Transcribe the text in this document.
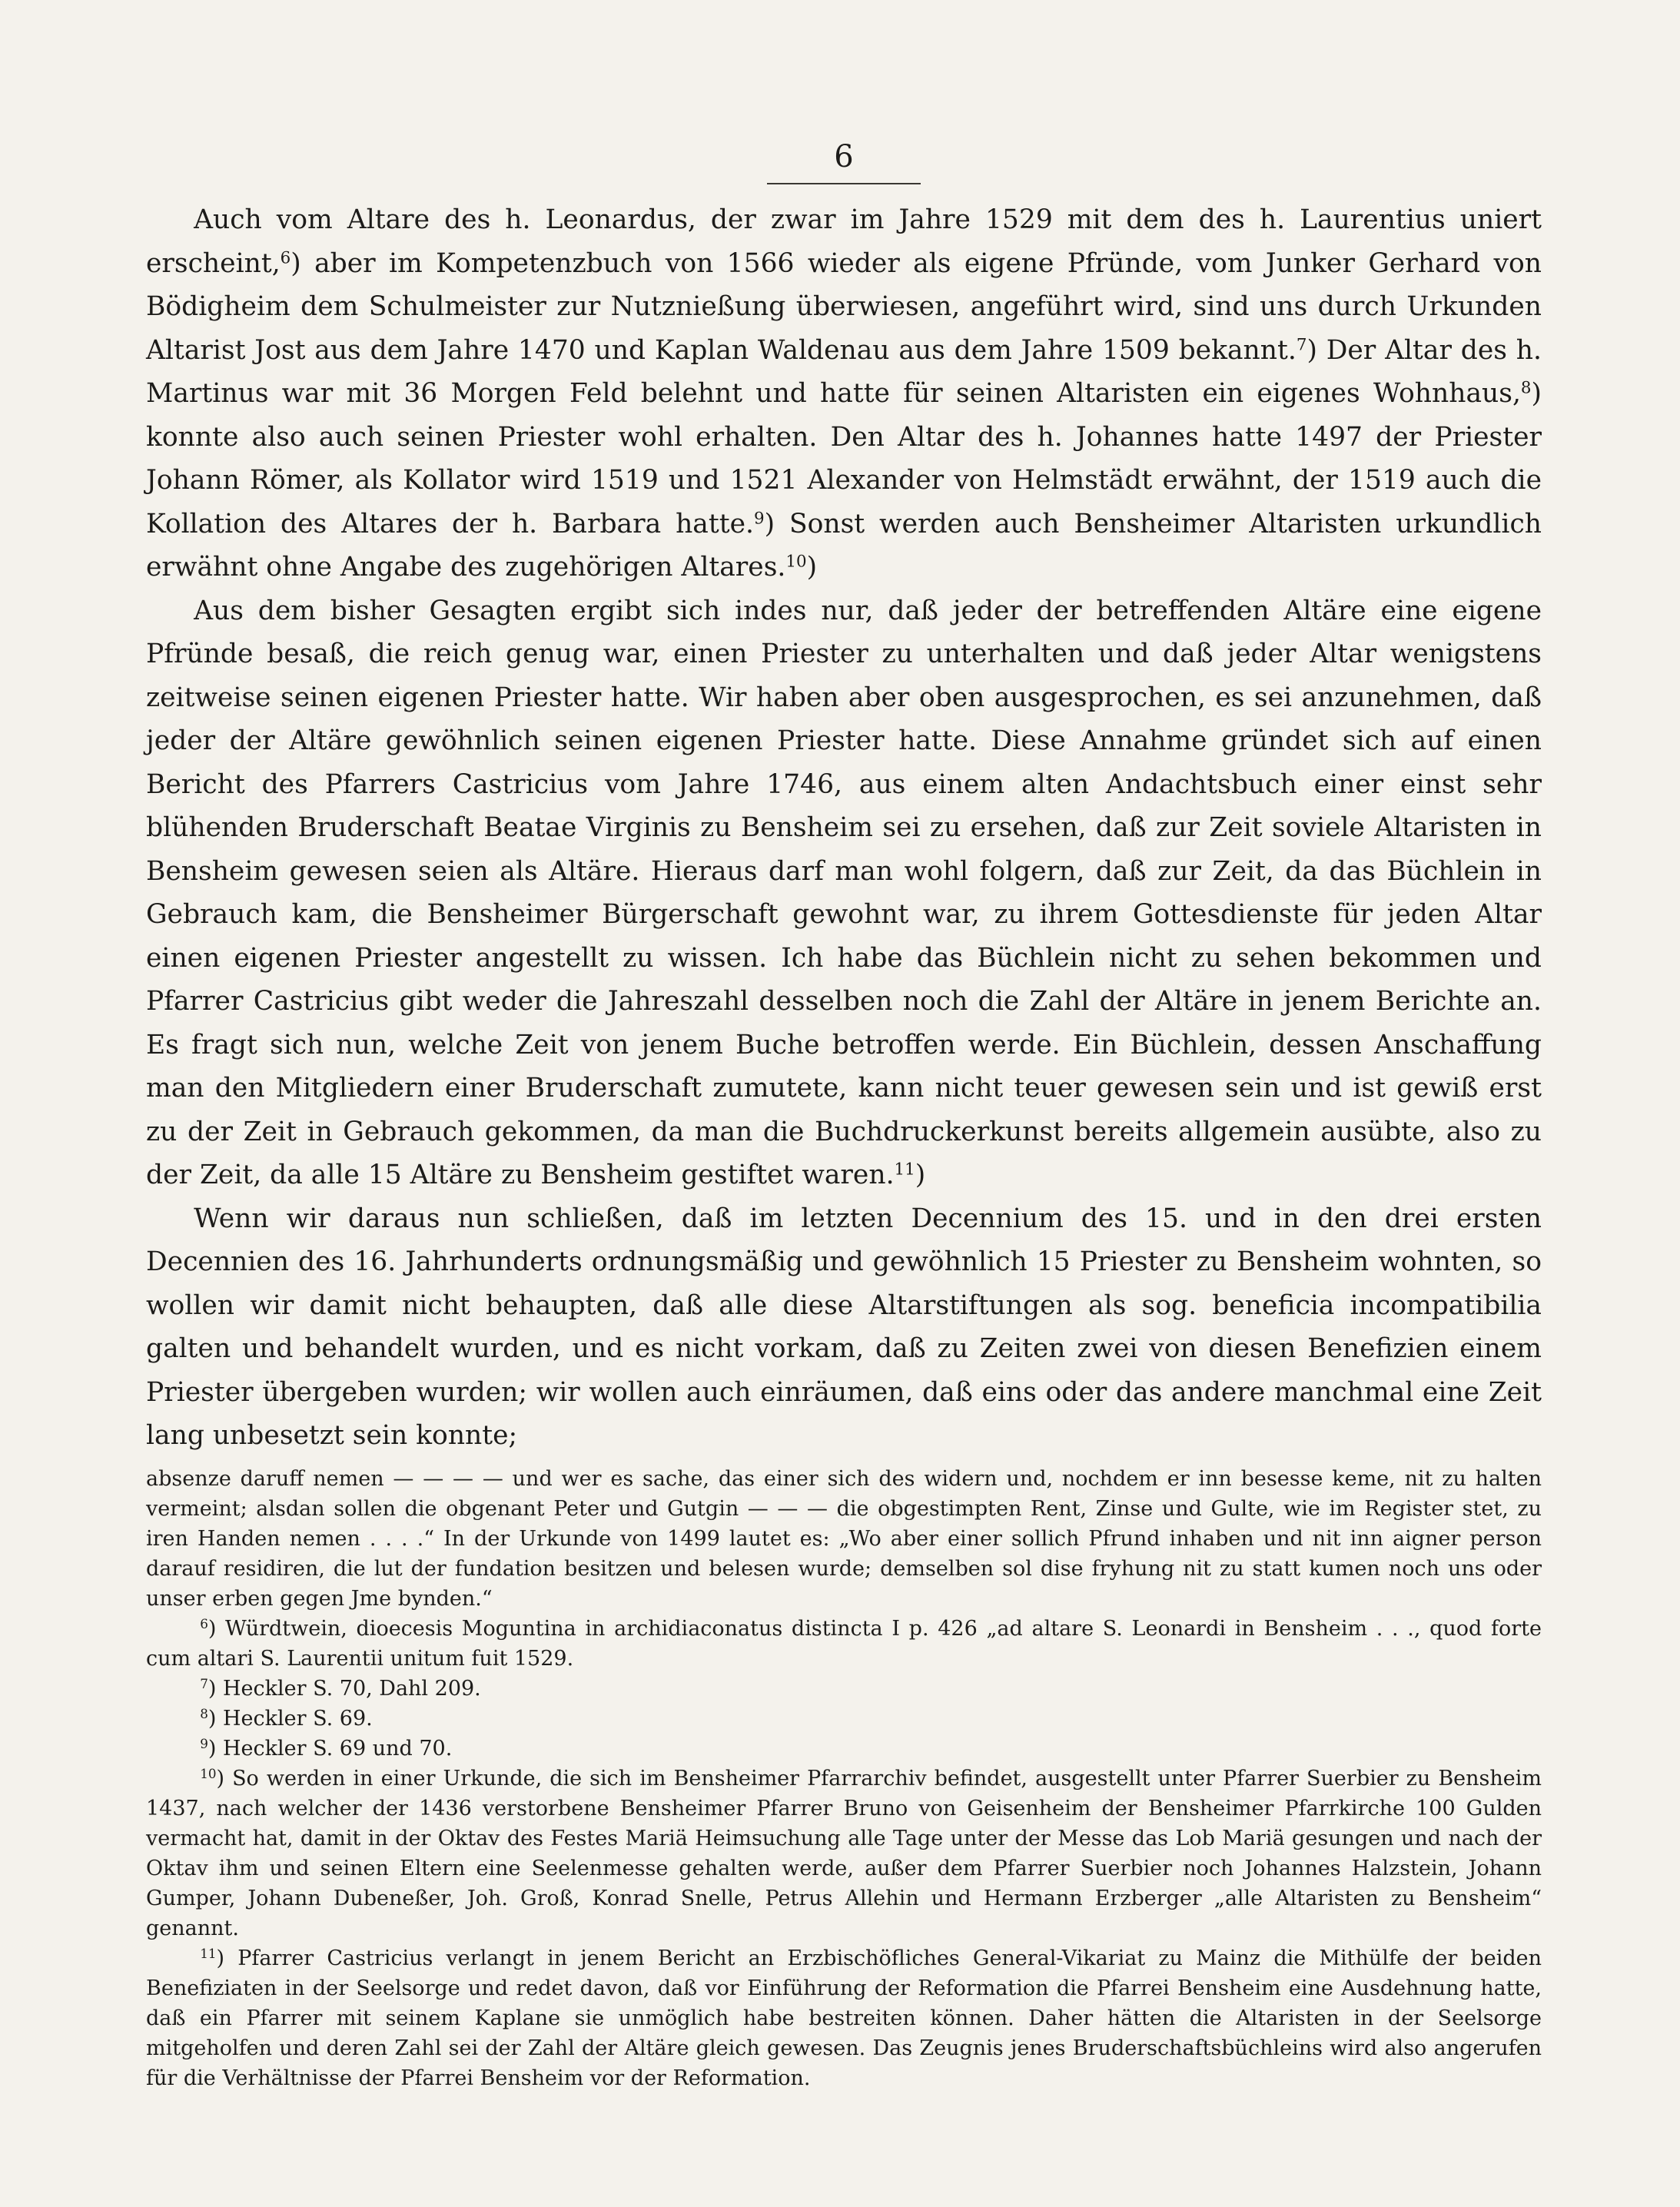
6

Auch vom Altare des h. Leonardus, der zwar im Jahre 1529 mit dem des h. Laurentius uniert erscheint,$^6$) aber im Kompetenzbuch von 1566 wieder als eigene Pfründe, vom Junker Gerhard von Bödigheim dem Schulmeister zur Nutznießung überwiesen, angeführt wird, sind uns durch Urkunden Altarist Jost aus dem Jahre 1470 und Kaplan Waldenau aus dem Jahre 1509 bekannt.$^7$) Der Altar des h. Martinus war mit 36 Morgen Feld belehnt und hatte für seinen Altaristen ein eigenes Wohnhaus,$^8$) konnte also auch seinen Priester wohl erhalten. Den Altar des h. Johannes hatte 1497 der Priester Johann Römer, als Kollator wird 1519 und 1521 Alexander von Helmstädt erwähnt, der 1519 auch die Kollation des Altares der h. Barbara hatte.$^9$) Sonst werden auch Bensheimer Altaristen urkundlich erwähnt ohne Angabe des zugehörigen Altares.$^{10}$)

Aus dem bisher Gesagten ergibt sich indes nur, daß jeder der betreffenden Altäre eine eigene Pfründe besaß, die reich genug war, einen Priester zu unterhalten und daß jeder Altar wenigstens zeitweise seinen eigenen Priester hatte. Wir haben aber oben ausgesprochen, es sei anzunehmen, daß jeder der Altäre gewöhnlich seinen eigenen Priester hatte. Diese Annahme gründet sich auf einen Bericht des Pfarrers Castricius vom Jahre 1746, aus einem alten Andachtsbuch einer einst sehr blühenden Bruderschaft Beatae Virginis zu Bensheim sei zu ersehen, daß zur Zeit soviele Altaristen in Bensheim gewesen seien als Altäre. Hieraus darf man wohl folgern, daß zur Zeit, da das Büchlein in Gebrauch kam, die Bensheimer Bürgerschaft gewohnt war, zu ihrem Gottesdienste für jeden Altar einen eigenen Priester angestellt zu wissen. Ich habe das Büchlein nicht zu sehen bekommen und Pfarrer Castricius gibt weder die Jahreszahl desselben noch die Zahl der Altäre in jenem Berichte an. Es fragt sich nun, welche Zeit von jenem Buche betroffen werde. Ein Büchlein, dessen Anschaffung man den Mitgliedern einer Bruderschaft zumutete, kann nicht teuer gewesen sein und ist gewiß erst zu der Zeit in Gebrauch gekommen, da man die Buchdruckerkunst bereits allgemein ausübte, also zu der Zeit, da alle 15 Altäre zu Bensheim gestiftet waren.$^{11}$)

Wenn wir daraus nun schließen, daß im letzten Decennium des 15. und in den drei ersten Decennien des 16. Jahrhunderts ordnungsmäßig und gewöhnlich 15 Priester zu Bensheim wohnten, so wollen wir damit nicht behaupten, daß alle diese Altarstiftungen als sog. beneficia incompatibilia galten und behandelt wurden, und es nicht vorkam, daß zu Zeiten zwei von diesen Benefizien einem Priester übergeben wurden; wir wollen auch einräumen, daß eins oder das andere manchmal eine Zeit lang unbesetzt sein konnte;

absenze daruff nemen — — — — und wer es sache, das einer sich des widern und, nochdem er inn besesse keme, nit zu halten vermeint; alsdan sollen die obgenant Peter und Gutgin — — — die obgestimpten Rent, Zinse und Gulte, wie im Register stet, zu iren Handen nemen . . . .“ In der Urkunde von 1499 lautet es: „Wo aber einer sollich Pfrund inhaben und nit inn aigner person darauf residiren, die lut der fundation besitzen und belesen wurde; demselben sol dise fryhung nit zu statt kumen noch uns oder unser erben gegen Jme bynden.“

$^6$) Würdtwein, dioecesis Moguntina in archidiaconatus distincta I p. 426 „ad altare S. Leonardi in Bensheim . . ., quod forte cum altari S. Laurentii unitum fuit 1529.

$^7$) Heckler S. 70, Dahl 209.

$^8$) Heckler S. 69.

$^9$) Heckler S. 69 und 70.

$^{10}$) So werden in einer Urkunde, die sich im Bensheimer Pfarrarchiv befindet, ausgestellt unter Pfarrer Suerbier zu Bensheim 1437, nach welcher der 1436 verstorbene Bensheimer Pfarrer Bruno von Geisenheim der Bensheimer Pfarrkirche 100 Gulden vermacht hat, damit in der Oktav des Festes Mariä Heimsuchung alle Tage unter der Messe das Lob Mariä gesungen und nach der Oktav ihm und seinen Eltern eine Seelenmesse gehalten werde, außer dem Pfarrer Suerbier noch Johannes Halzstein, Johann Gumper, Johann Dubeneßer, Joh. Groß, Konrad Snelle, Petrus Allehin und Hermann Erzberger „alle Altaristen zu Bensheim“ genannt.

$^{11}$) Pfarrer Castricius verlangt in jenem Bericht an Erzbischöfliches General-Vikariat zu Mainz die Mithülfe der beiden Benefiziaten in der Seelsorge und redet davon, daß vor Einführung der Reformation die Pfarrei Bensheim eine Ausdehnung hatte, daß ein Pfarrer mit seinem Kaplane sie unmöglich habe bestreiten können. Daher hätten die Altaristen in der Seelsorge mitgeholfen und deren Zahl sei der Zahl der Altäre gleich gewesen. Das Zeugnis jenes Bruderschaftsbüchleins wird also angerufen für die Verhältnisse der Pfarrei Bensheim vor der Reformation.
